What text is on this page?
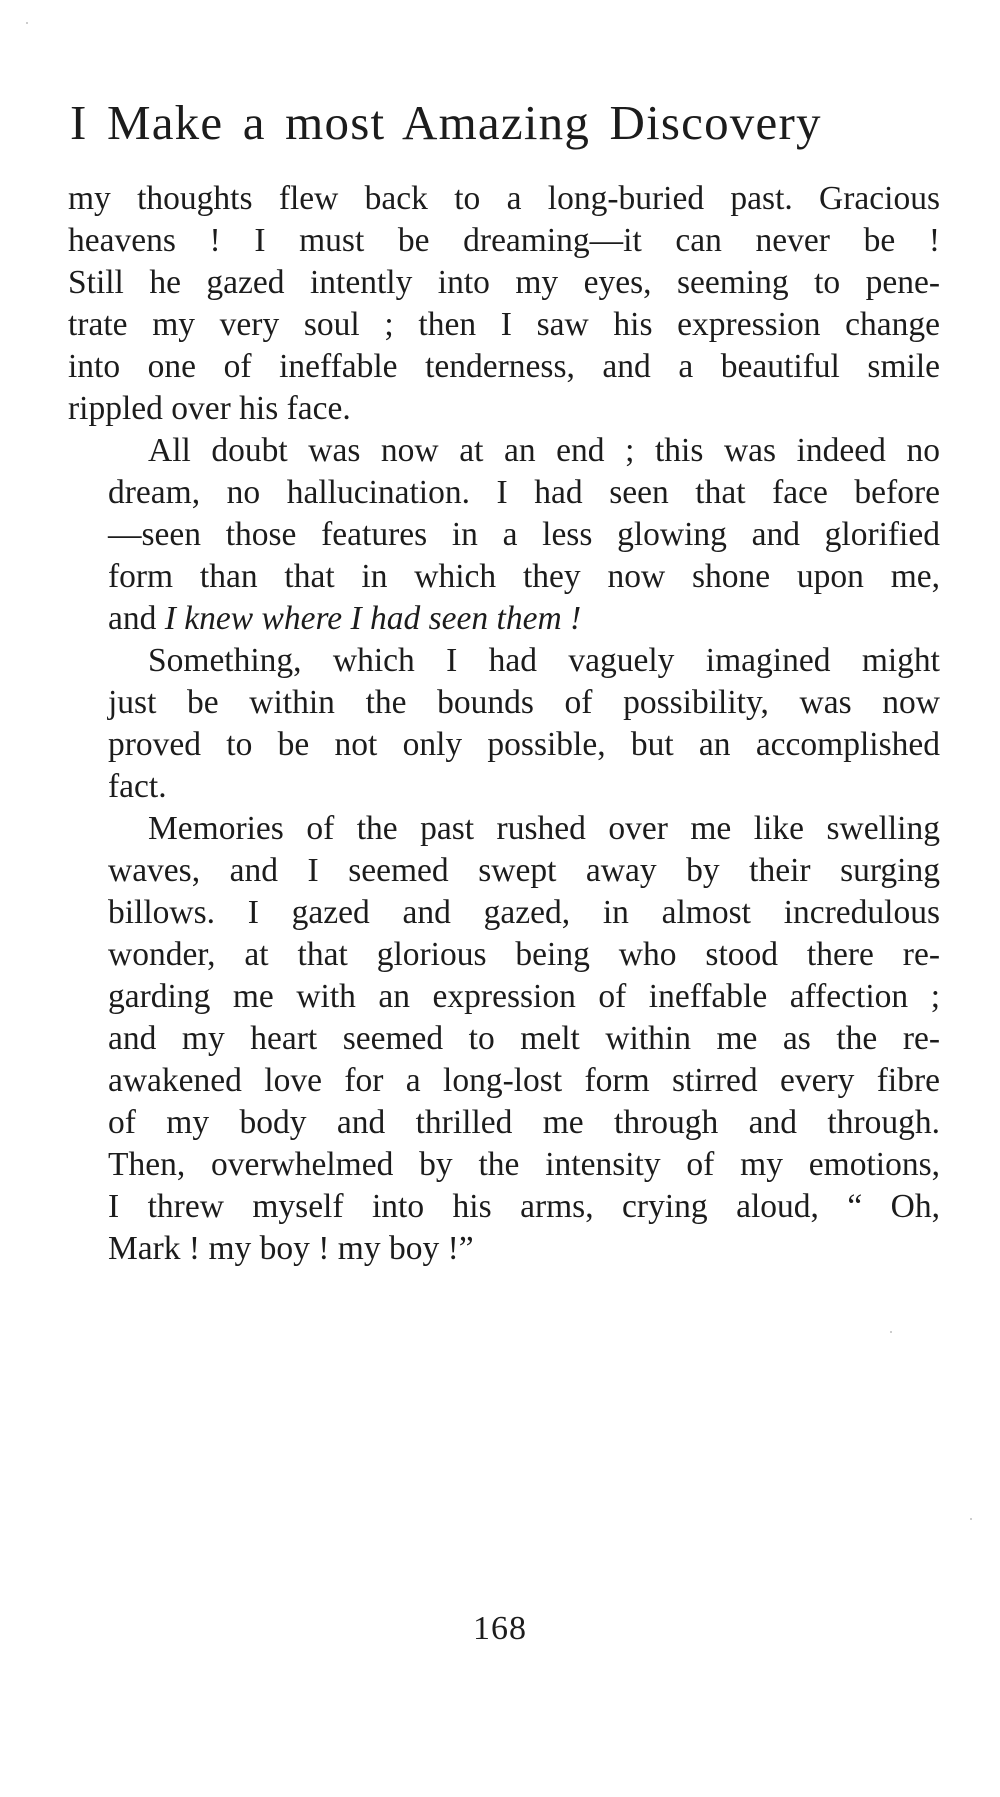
I Make a most Amazing Discovery
my thoughts flew back to a long-buried past. Gracious
heavens ! I must be dreaming—it can never be !
Still he gazed intently into my eyes, seeming to pene-
trate my very soul ; then I saw his expression change
into one of ineffable tenderness, and a beautiful smile
rippled over his face.
All doubt was now at an end ; this was indeed no
dream, no hallucination. I had seen that face before
—seen those features in a less glowing and glorified
form than that in which they now shone upon me,
and I knew where I had seen them !
Something, which I had vaguely imagined might
just be within the bounds of possibility, was now
proved to be not only possible, but an accomplished
fact.
Memories of the past rushed over me like swelling
waves, and I seemed swept away by their surging
billows. I gazed and gazed, in almost incredulous
wonder, at that glorious being who stood there re-
garding me with an expression of ineffable affection ;
and my heart seemed to melt within me as the re-
awakened love for a long-lost form stirred every fibre
of my body and thrilled me through and through.
Then, overwhelmed by the intensity of my emotions,
I threw myself into his arms, crying aloud, “ Oh,
Mark ! my boy ! my boy !”
168
